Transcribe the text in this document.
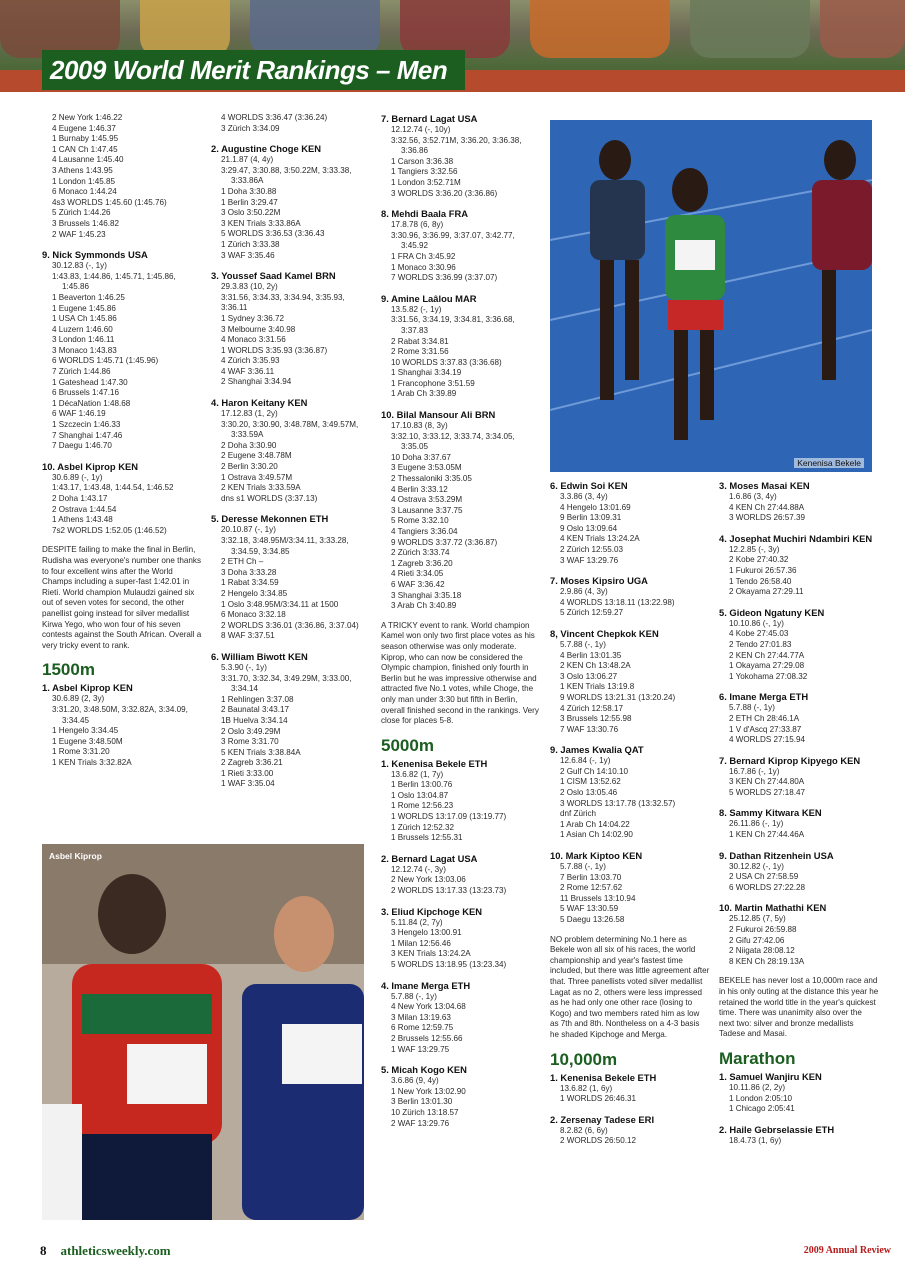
2009 World Merit Rankings – Men
2 New York 1:46.22
4 Eugene 1:46.37
1 Burnaby 1:45.95
1 CAN Ch 1:47.45
4 Lausanne 1:45.40
3 Athens 1:43.95
1 London 1:45.85
6 Monaco 1:44.24
4s3 WORLDS 1:45.60 (1:45.76)
5 Zürich 1:44.26
3 Brussels 1:46.82
2 WAF 1:45.23
9. Nick Symmonds USA
30.12.83 (-, 1y)
1:43.83, 1:44.86, 1:45.71, 1:45.86,
1:45.86
1 Beaverton 1:46.25
1 Eugene 1:45.86
1 USA Ch 1:45.86
4 Luzern 1:46.60
3 London 1:46.11
3 Monaco 1:43.83
6 WORLDS 1:45.71 (1:45.96)
7 Zürich 1:44.86
1 Gateshead 1:47.30
6 Brussels 1:47.16
1 DécaNation 1:48.68
6 WAF 1:46.19
1 Szczecin 1:46.33
7 Shanghai 1:47.46
7 Daegu 1:46.70
10. Asbel Kiprop KEN
30.6.89 (-, 1y)
1:43.17, 1:43.48, 1:44.54, 1:46.52
2 Doha 1:43.17
2 Ostrava 1:44.54
1 Athens 1:43.48
7s2 WORLDS 1:52.05 (1:46.52)
DESPITE failing to make the final in Berlin, Rudisha was everyone's number one thanks to four excellent wins after the World Champs including a super-fast 1:42.01 in Rieti. World champion Mulaudzi gained six out of seven votes for second, the other panellist going instead for silver medallist Kirwa Yego, who won four of his seven contests against the South African. Overall a very tricky event to rank.
1500m
1. Asbel Kiprop KEN
30.6.89 (2, 3y)
3:31.20, 3:48.50M, 3:32.82A, 3:34.09,
3:34.45
1 Hengelo 3:34.45
1 Eugene 3:48.50M
1 Rome 3:31.20
1 KEN Trials 3:32.82A
4 WORLDS 3:36.47 (3:36.24)
3 Zürich 3:34.09
2. Augustine Choge KEN
21.1.87 (4, 4y)
3:29.47, 3:30.88, 3:50.22M, 3:33.38,
3:33.86A
1 Doha 3:30.88
1 Berlin 3:29.47
3 Oslo 3:50.22M
3 KEN Trials 3:33.86A
5 WORLDS 3:36.53 (3:36.43
1 Zürich 3:33.38
3 WAF 3:35.46
3. Youssef Saad Kamel BRN
29.3.83 (10, 2y)
3:31.56, 3:34.33, 3:34.94, 3:35.93, 3:36.11
1 Sydney 3:36.72
3 Melbourne 3:40.98
4 Monaco 3:31.56
1 WORLDS 3:35.93 (3:36.87)
4 Zürich 3:35.93
4 WAF 3:36.11
2 Shanghai 3:34.94
4. Haron Keitany KEN
17.12.83 (1, 2y)
3:30.20, 3:30.90, 3:48.78M, 3:49.57M,
3:33.59A
2 Doha 3:30.90
2 Eugene 3:48.78M
2 Berlin 3:30.20
1 Ostrava 3:49.57M
2 KEN Trials 3:33.59A
dns s1 WORLDS (3:37.13)
5. Deresse Mekonnen ETH
20.10.87 (-, 1y)
3:32.18, 3:48.95M/3:34.11, 3:33.28,
3:34.59, 3:34.85
2 ETH Ch –
3 Doha 3:33.28
1 Rabat 3:34.59
2 Hengelo 3:34.85
1 Oslo 3:48.95M/3:34.11 at 1500
6 Monaco 3:32.18
2 WORLDS 3:36.01 (3:36.86, 3:37.04)
8 WAF 3:37.51
6. William Biwott KEN
5.3.90 (-, 1y)
3:31.70, 3:32.34, 3:49.29M, 3:33.00,
3:34.14
1 Rehlingen 3:37.08
2 Baunatal 3:43.17
1B Huelva 3:34.14
2 Oslo 3:49.29M
3 Rome 3:31.70
5 KEN Trials 3:38.84A
2 Zagreb 3:36.21
1 Rieti 3:33.00
1 WAF 3:35.04
7. Bernard Lagat USA
12.12.74 (-, 10y)
3:32.56, 3:52.71M, 3:36.20, 3:36.38,
3:36.86
1 Carson 3:36.38
1 Tangiers 3:32.56
1 London 3:52.71M
3 WORLDS 3:36.20 (3:36.86)
8. Mehdi Baala FRA
17.8.78 (6, 8y)
3:30.96, 3:36.99, 3:37.07, 3:42.77,
3:45.92
1 FRA Ch 3:45.92
1 Monaco 3:30.96
7 WORLDS 3:36.99 (3:37.07)
9. Amine Laâlou MAR
13.5.82 (-, 1y)
3:31.56, 3:34.19, 3:34.81, 3:36.68,
3:37.83
2 Rabat 3:34.81
2 Rome 3:31.56
10 WORLDS 3:37.83 (3:36.68)
1 Shanghai 3:34.19
1 Francophone 3:51.59
1 Arab Ch 3:39.89
10. Bilal Mansour Ali BRN
17.10.83 (8, 3y)
3:32.10, 3:33.12, 3:33.74, 3:34.05,
3:35.05
10 Doha 3:37.67
3 Eugene 3:53.05M
2 Thessaloniki 3:35.05
4 Berlin 3:33.12
4 Ostrava 3:53.29M
3 Lausanne 3:37.75
5 Rome 3:32.10
4 Tangiers 3:36.04
9 WORLDS 3:37.72 (3:36.87)
2 Zürich 3:33.74
1 Zagreb 3:36.20
4 Rieti 3:34.05
6 WAF 3:36.42
3 Shanghai 3:35.18
3 Arab Ch 3:40.89
A TRICKY event to rank. World champion Kamel won only two first place votes as his season otherwise was only moderate. Kiprop, who can now be considered the Olympic champion, finished only fourth in Berlin but he was impressive otherwise and attracted five No.1 votes, while Choge, the only man under 3:30 but fifth in Berlin, overall finished second in the rankings. Very close for places 5-8.
5000m
1. Kenenisa Bekele ETH
13.6.82 (1, 7y)
1 Berlin 13:00.76
1 Oslo 13:04.87
1 Rome 12:56.23
1 WORLDS 13:17.09 (13:19.77)
1 Zürich 12:52.32
1 Brussels 12:55.31
2. Bernard Lagat USA
12.12.74 (-, 3y)
2 New York 13:03.06
2 WORLDS 13:17.33 (13:23.73)
3. Eliud Kipchoge KEN
5.11.84 (2, 7y)
3 Hengelo 13:00.91
1 Milan 12:56.46
3 KEN Trials 13:24.2A
5 WORLDS 13:18.95 (13:23.34)
4. Imane Merga ETH
5.7.88 (-, 1y)
4 New York 13:04.68
3 Milan 13:19.63
6 Rome 12:59.75
2 Brussels 12:55.66
1 WAF 13:29.75
5. Micah Kogo KEN
3.6.86 (9, 4y)
1 New York 13:02.90
3 Berlin 13:01.30
10 Zürich 13:18.57
2 WAF 13:29.76
6. Edwin Soi KEN
3.3.86 (3, 4y)
4 Hengelo 13:01.69
9 Berlin 13:09.31
9 Oslo 13:09.64
4 KEN Trials 13:24.2A
2 Zürich 12:55.03
3 WAF 13:29.76
7. Moses Kipsiro UGA
2.9.86 (4, 3y)
4 WORLDS 13:18.11 (13:22.98)
5 Zürich 12:59.27
8, Vincent Chepkok KEN
5.7.88 (-, 1y)
4 Berlin 13:01.35
2 KEN Ch 13:48.2A
3 Oslo 13:06.27
1 KEN Trials 13:19.8
9 WORLDS 13:21.31 (13:20.24)
4 Zürich 12:58.17
3 Brussels 12:55.98
7 WAF 13:30.76
9. James Kwalia QAT
12.6.84 (-, 1y)
2 Gulf Ch 14:10.10
1 CISM 13:52.62
2 Oslo 13:05.46
3 WORLDS 13:17.78 (13:32.57)
dnf Zürich
1 Arab Ch 14:04.22
1 Asian Ch 14:02.90
10. Mark Kiptoo KEN
5.7.88 (-, 1y)
7 Berlin 13:03.70
2 Rome 12:57.62
11 Brussels 13:10.94
5 WAF 13:30.59
5 Daegu 13:26.58
NO problem determining No.1 here as Bekele won all six of his races, the world championship and year's fastest time included, but there was little agreement after that. Three panellists voted silver medallist Lagat as no 2, others were less impressed as he had only one other race (losing to Kogo) and two members rated him as low as 7th and 8th. Nontheless on a 4-3 basis he shaded Kipchoge and Merga.
10,000m
1. Kenenisa Bekele ETH
13.6.82 (1, 6y)
1 WORLDS 26:46.31
2. Zersenay Tadese ERI
8.2.82 (6, 6y)
2 WORLDS 26:50.12
3. Moses Masai KEN
1.6.86 (3, 4y)
4 KEN Ch 27:44.88A
3 WORLDS 26:57.39
4. Josephat Muchiri Ndambiri KEN
12.2.85 (-, 3y)
2 Kobe 27:40.32
1 Fukuroi 26:57.36
1 Tendo 26:58.40
2 Okayama 27:29.11
5. Gideon Ngatuny KEN
10.10.86 (-, 1y)
4 Kobe 27:45.03
2 Tendo 27:01.83
2 KEN Ch 27:44.77A
1 Okayama 27:29.08
1 Yokohama 27:08.32
6. Imane Merga ETH
5.7.88 (-, 1y)
2 ETH Ch 28:46.1A
1 V d'Ascq 27:33.87
4 WORLDS 27:15.94
7. Bernard Kiprop Kipyego KEN
16.7.86 (-, 1y)
3 KEN Ch 27:44.80A
5 WORLDS 27:18.47
8. Sammy Kitwara KEN
26.11.86 (-, 1y)
1 KEN Ch 27:44.46A
9. Dathan Ritzenhein USA
30.12.82 (-, 1y)
2 USA Ch 27:58.59
6 WORLDS 27:22.28
10. Martin Mathathi KEN
25.12.85 (7, 5y)
2 Fukuroi 26:59.88
2 Gifu 27:42.06
2 Niigata 28:08.12
8 KEN Ch 28:19.13A
BEKELE has never lost a 10,000m race and in his only outing at the distance this year he retained the world title in the year's quickest time. There was unanimity also over the next two: silver and bronze medallists Tadese and Masai.
Marathon
1. Samuel Wanjiru KEN
10.11.86 (2, 2y)
1 London 2:05:10
1 Chicago 2:05:41
2. Haile Gebrselassie ETH
18.4.73 (1, 6y)
Asbel Kiprop
Kenenisa Bekele
8 athleticsweekly.com	2009 Annual Review
